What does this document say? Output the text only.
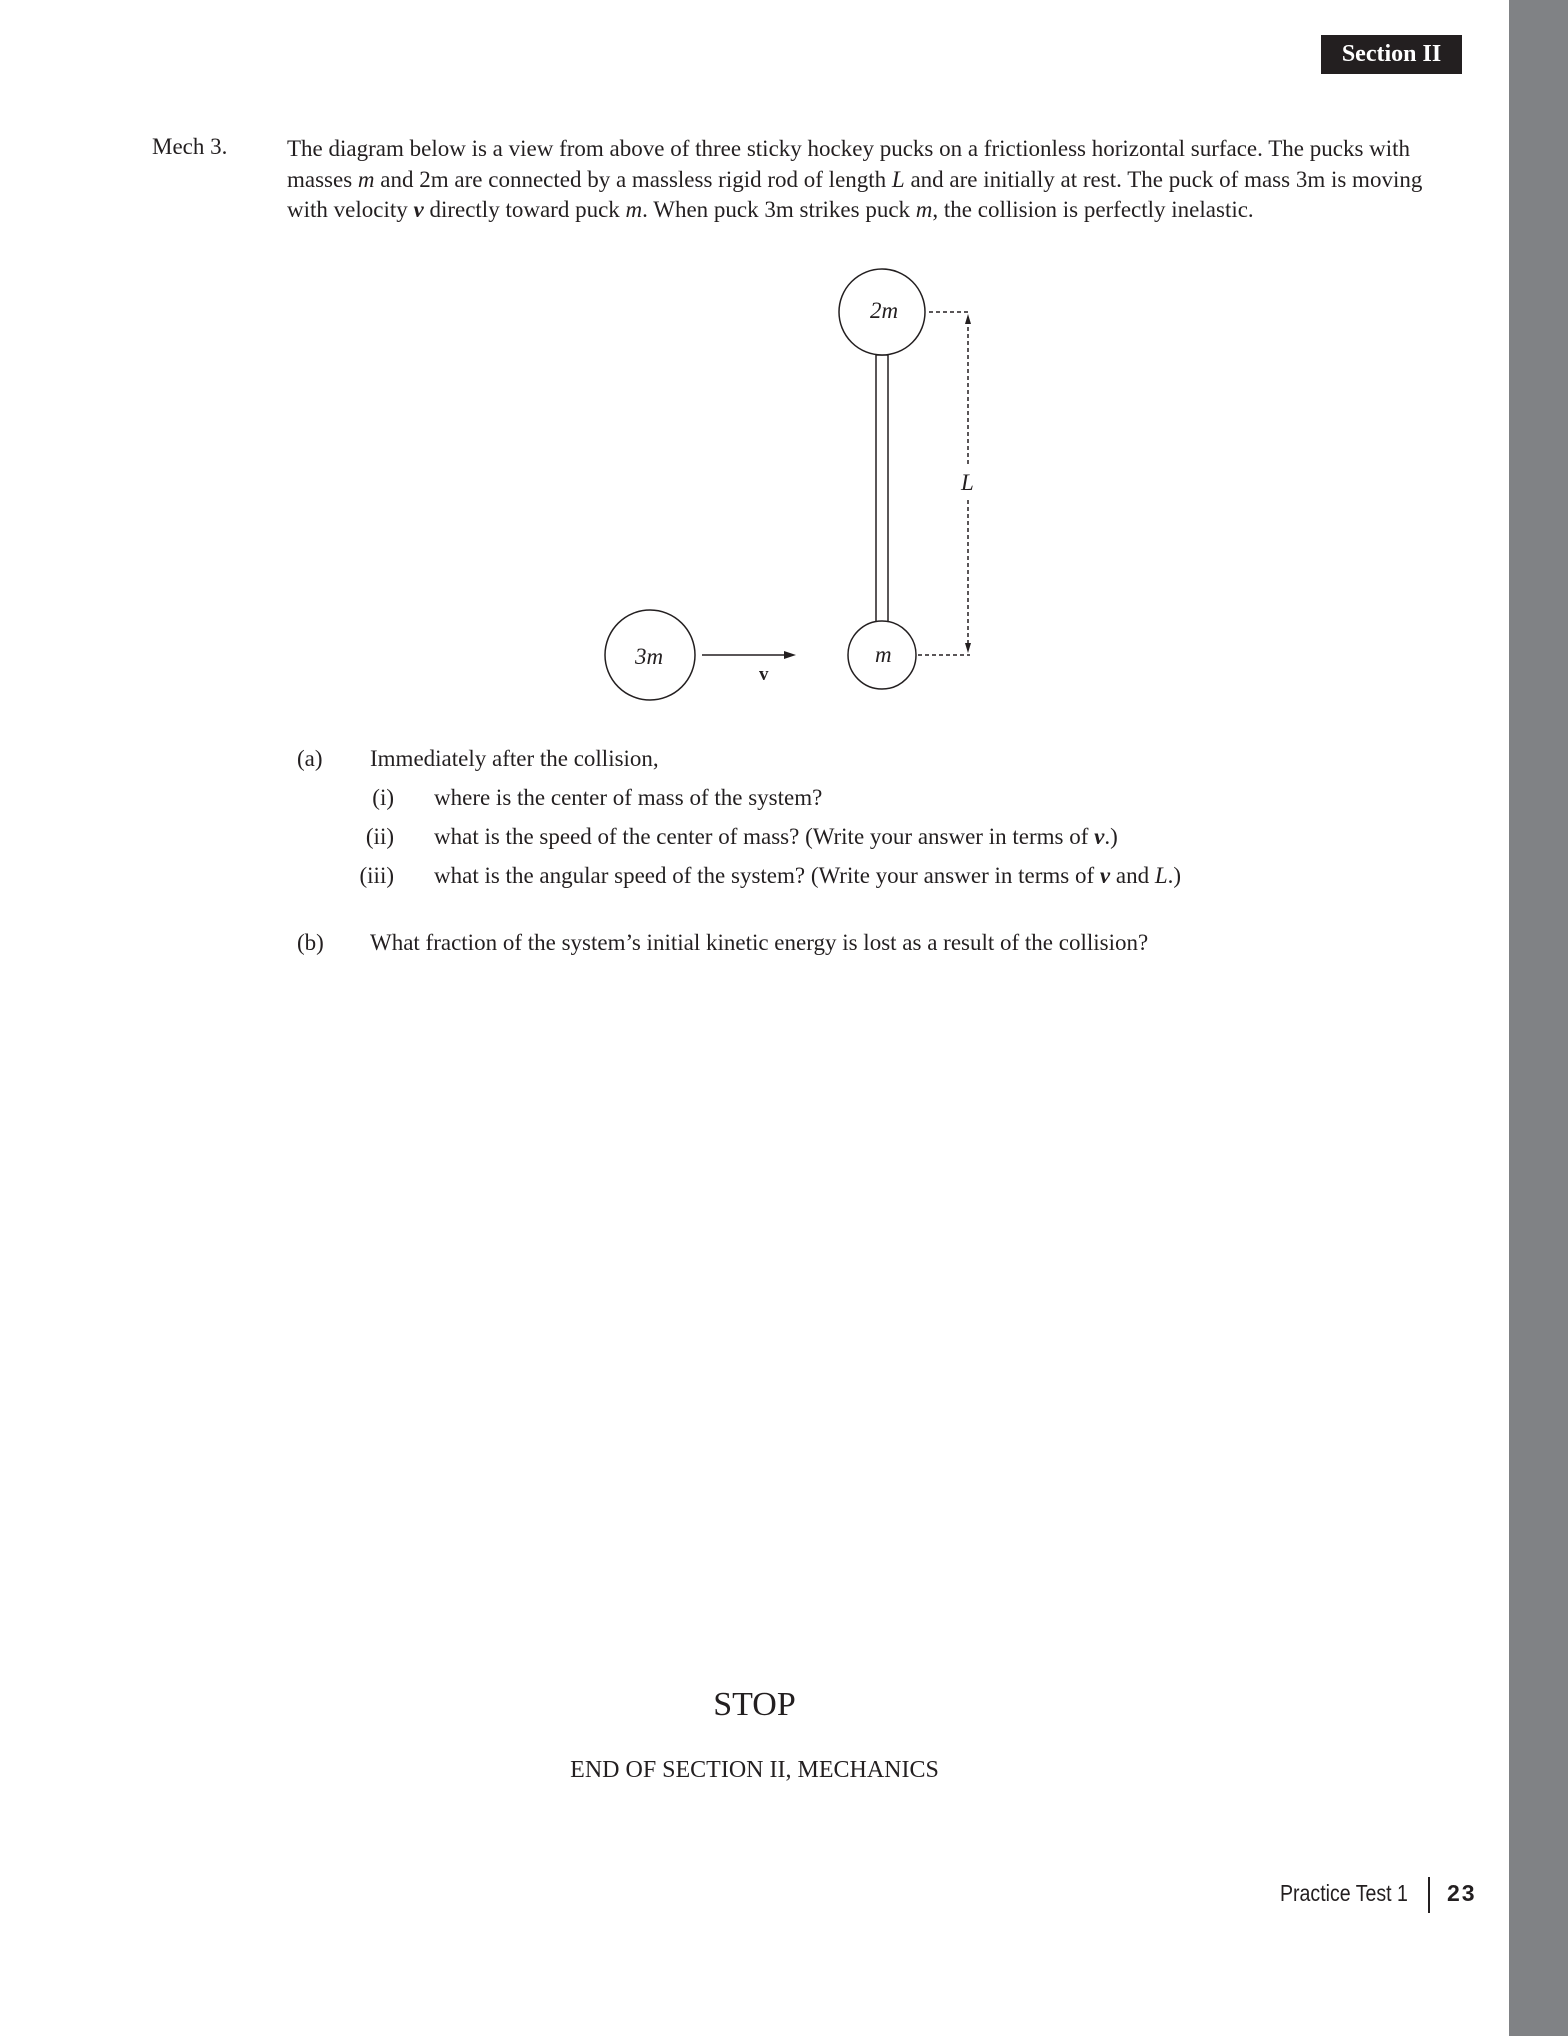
Section II
Mech 3.	The diagram below is a view from above of three sticky hockey pucks on a frictionless horizontal surface. The pucks with masses m and 2m are connected by a massless rigid rod of length L and are initially at rest. The puck of mass 3m is moving with velocity v directly toward puck m. When puck 3m strikes puck m, the collision is perfectly inelastic.
2m
m
3m
v
L
(a) Immediately after the collision,
(i) where is the center of mass of the system?
(ii) what is the speed of the center of mass? (Write your answer in terms of v.)
(iii) what is the angular speed of the system? (Write your answer in terms of v and L.)
(b) What fraction of the system’s initial kinetic energy is lost as a result of the collision?
STOP
END OF SECTION II, MECHANICS
Practice Test 1 23
